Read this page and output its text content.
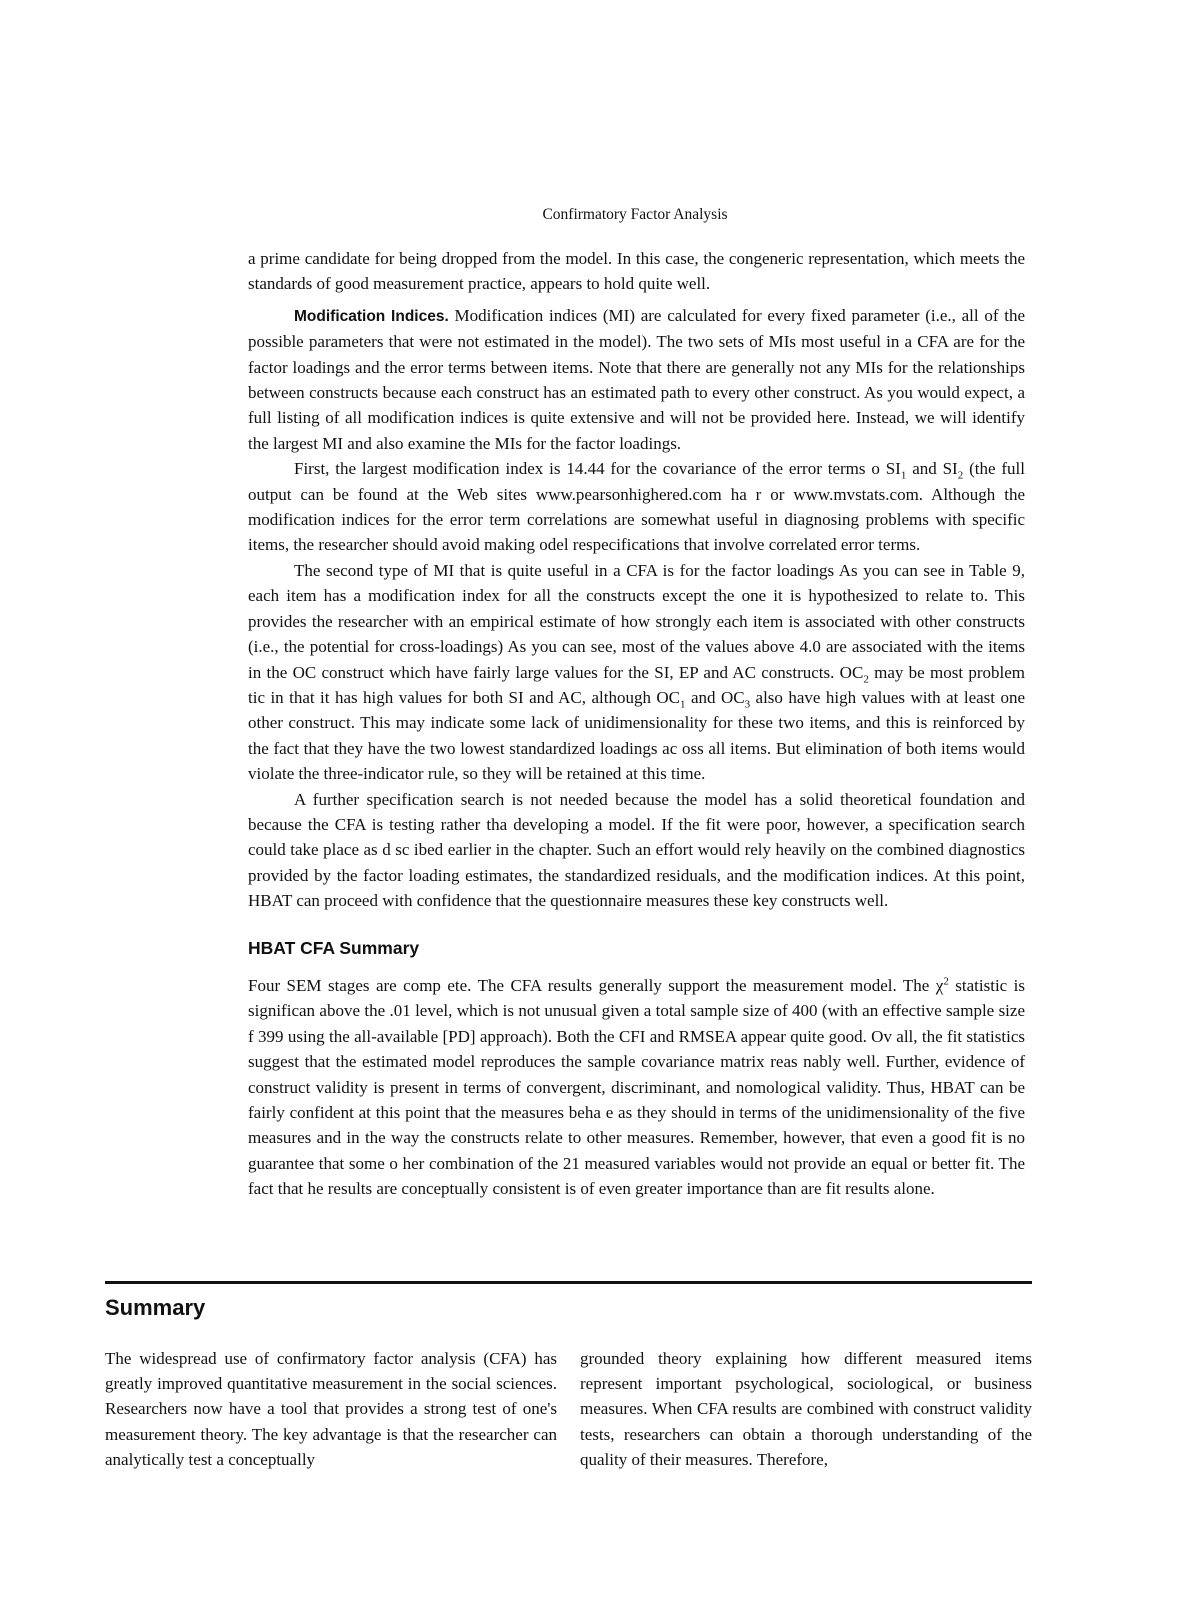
Confirmatory Factor Analysis

a prime candidate for being dropped from the model. In this case, the congeneric representation, which meets the standards of good measurement practice, appears to hold quite well.

Modification Indices. Modification indices (MI) are calculated for every fixed parameter (i.e., all of the possible parameters that were not estimated in the model). The two sets of MIs most useful in a CFA are for the factor loadings and the error terms between items. Note that there are generally not any MIs for the relationships between constructs because each construct has an estimated path to every other construct. As you would expect, a full listing of all modification indices is quite extensive and will not be provided here. Instead, we will identify the largest MI and also examine the MIs for the factor loadings.

First, the largest modification index is 14.44 for the covariance of the error terms o $SI_1$ and $SI_2$ (the full output can be found at the Web sites www.pearsonhighered.com ha r or www.mvstats.com. Although the modification indices for the error term correlations are somewhat useful in diagnosing problems with specific items, the researcher should avoid making odel respecifications that involve correlated error terms.

The second type of MI that is quite useful in a CFA is for the factor loadings As you can see in Table 9, each item has a modification index for all the constructs except the one it is hypothesized to relate to. This provides the researcher with an empirical estimate of how strongly each item is associated with other constructs (i.e., the potential for cross-loadings) As you can see, most of the values above 4.0 are associated with the items in the OC construct which have fairly large values for the SI, EP and AC constructs. $OC_2$ may be most problem tic in that it has high values for both SI and AC, although $OC_1$ and $OC_3$ also have high values with at least one other construct. This may indicate some lack of unidimensionality for these two items, and this is reinforced by the fact that they have the two lowest standardized loadings ac oss all items. But elimination of both items would violate the three-indicator rule, so they will be retained at this time.

A further specification search is not needed because the model has a solid theoretical foundation and because the CFA is testing rather tha developing a model. If the fit were poor, however, a specification search could take place as d sc ibed earlier in the chapter. Such an effort would rely heavily on the combined diagnostics provided by the factor loading estimates, the standardized residuals, and the modification indices. At this point, HBAT can proceed with confidence that the questionnaire measures these key constructs well.

HBAT CFA Summary

Four SEM stages are comp ete. The CFA results generally support the measurement model. The $\chi^2$ statistic is significan above the .01 level, which is not unusual given a total sample size of 400 (with an effective sample size f 399 using the all-available [PD] approach). Both the CFI and RMSEA appear quite good. Ov all, the fit statistics suggest that the estimated model reproduces the sample covariance matrix reas nably well. Further, evidence of construct validity is present in terms of convergent, discriminant, and nomological validity. Thus, HBAT can be fairly confident at this point that the measures beha e as they should in terms of the unidimensionality of the five measures and in the way the constructs relate to other measures. Remember, however, that even a good fit is no guarantee that some o her combination of the 21 measured variables would not provide an equal or better fit. The fact that he results are conceptually consistent is of even greater importance than are fit results alone.

Summary
The widespread use of confirmatory factor analysis (CFA) has greatly improved quantitative measurement in the social sciences. Researchers now have a tool that provides a strong test of one's measurement theory. The key advantage is that the researcher can analytically test a conceptually
grounded theory explaining how different measured items represent important psychological, sociological, or business measures. When CFA results are combined with construct validity tests, researchers can obtain a thorough understanding of the quality of their measures. Therefore,
